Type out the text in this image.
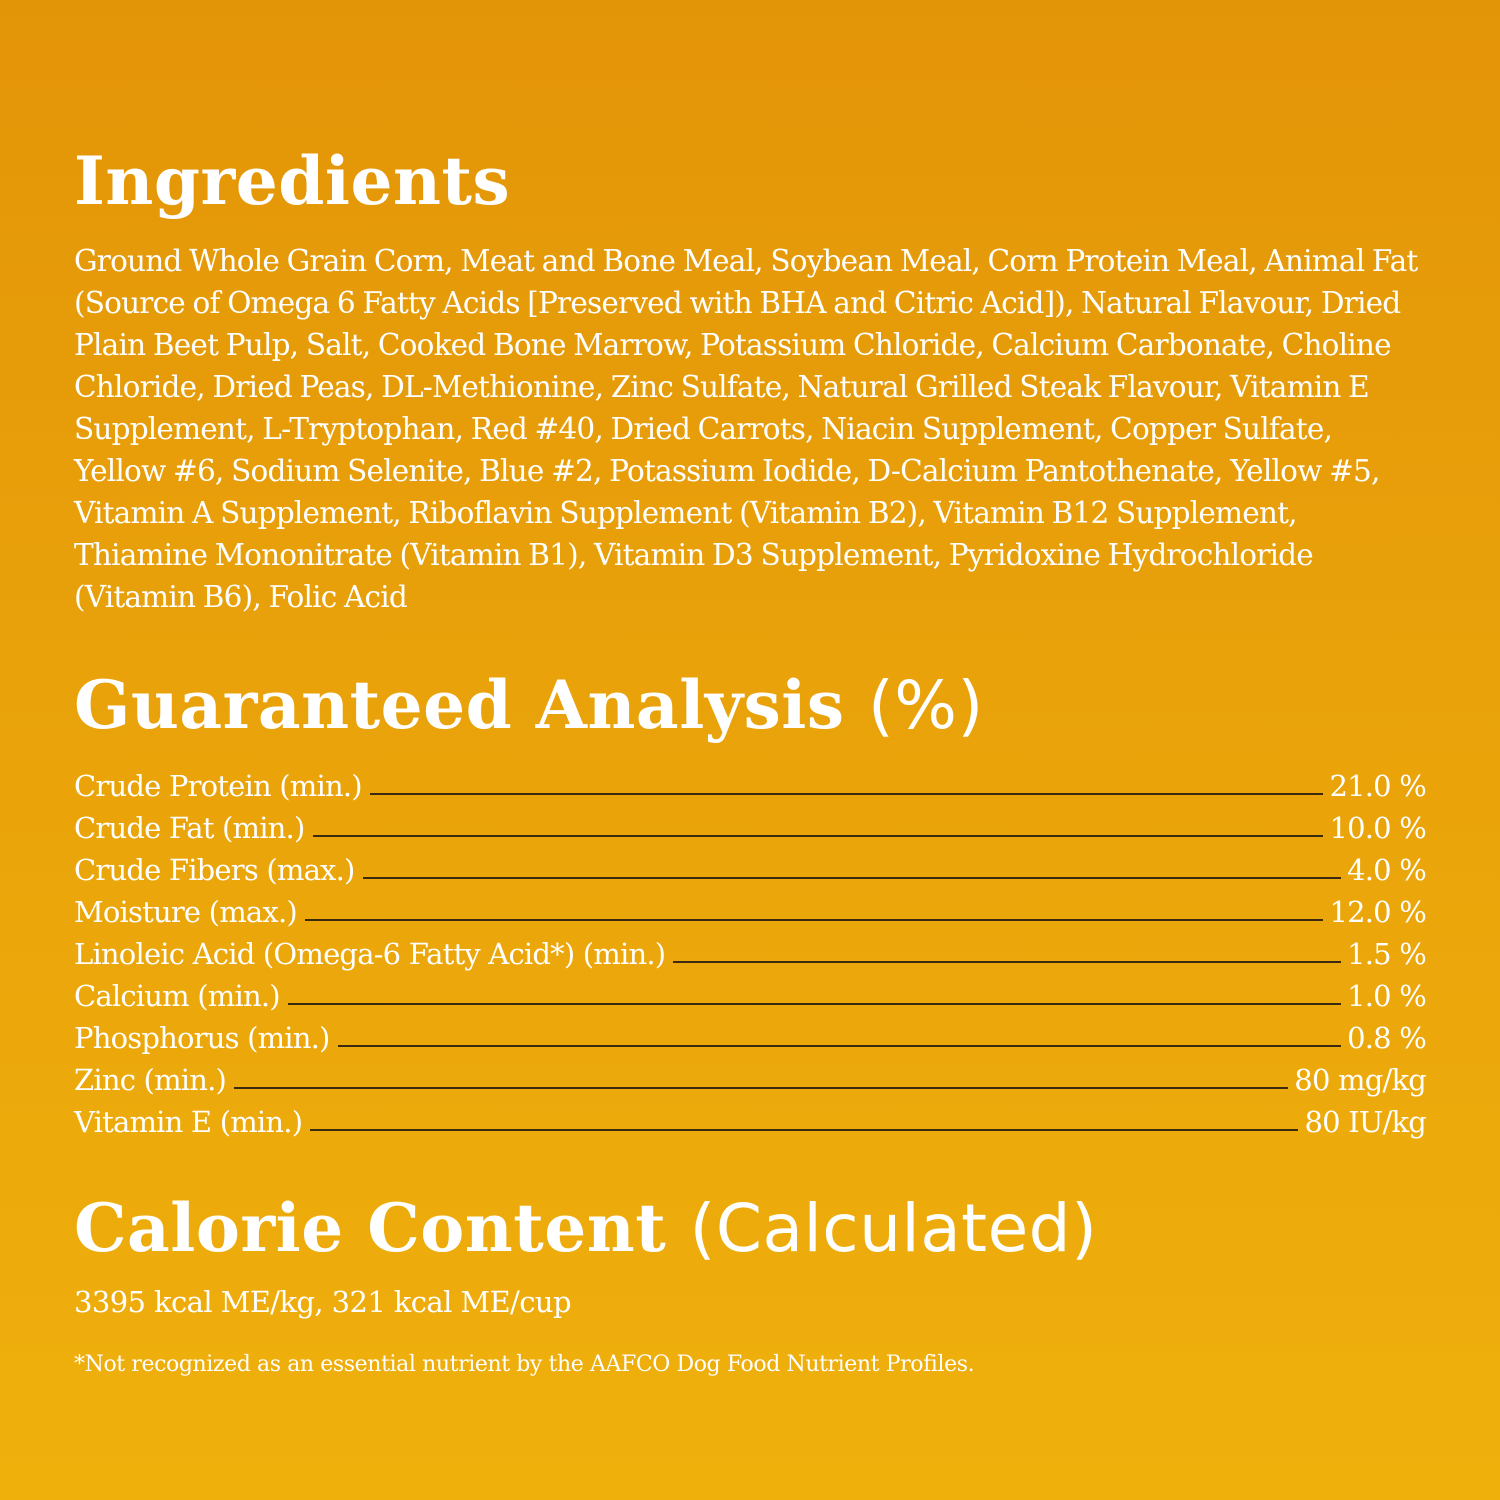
Ingredients
Ground Whole Grain Corn, Meat and Bone Meal, Soybean Meal, Corn Protein Meal, Animal Fat (Source of Omega 6 Fatty Acids [Preserved with BHA and Citric Acid]), Natural Flavour, Dried Plain Beet Pulp, Salt, Cooked Bone Marrow, Potassium Chloride, Calcium Carbonate, Choline Chloride, Dried Peas, DL-Methionine, Zinc Sulfate, Natural Grilled Steak Flavour, Vitamin E Supplement, L-Tryptophan, Red #40, Dried Carrots, Niacin Supplement, Copper Sulfate, Yellow #6, Sodium Selenite, Blue #2, Potassium Iodide, D-Calcium Pantothenate, Yellow #5, Vitamin A Supplement, Riboflavin Supplement (Vitamin B2), Vitamin B12 Supplement, Thiamine Mononitrate (Vitamin B1), Vitamin D3 Supplement, Pyridoxine Hydrochloride (Vitamin B6), Folic Acid
Guaranteed Analysis (%)
Crude Protein (min.)	21.0 %
Crude Fat (min.)	10.0 %
Crude Fibers (max.)	4.0 %
Moisture (max.)	12.0 %
Linoleic Acid (Omega-6 Fatty Acid*) (min.)	1.5 %
Calcium (min.)	1.0 %
Phosphorus (min.)	0.8 %
Zinc (min.)	80 mg/kg
Vitamin E (min.)	80 IU/kg
Calorie Content (Calculated)
3395 kcal ME/kg, 321 kcal ME/cup
*Not recognized as an essential nutrient by the AAFCO Dog Food Nutrient Profiles.
